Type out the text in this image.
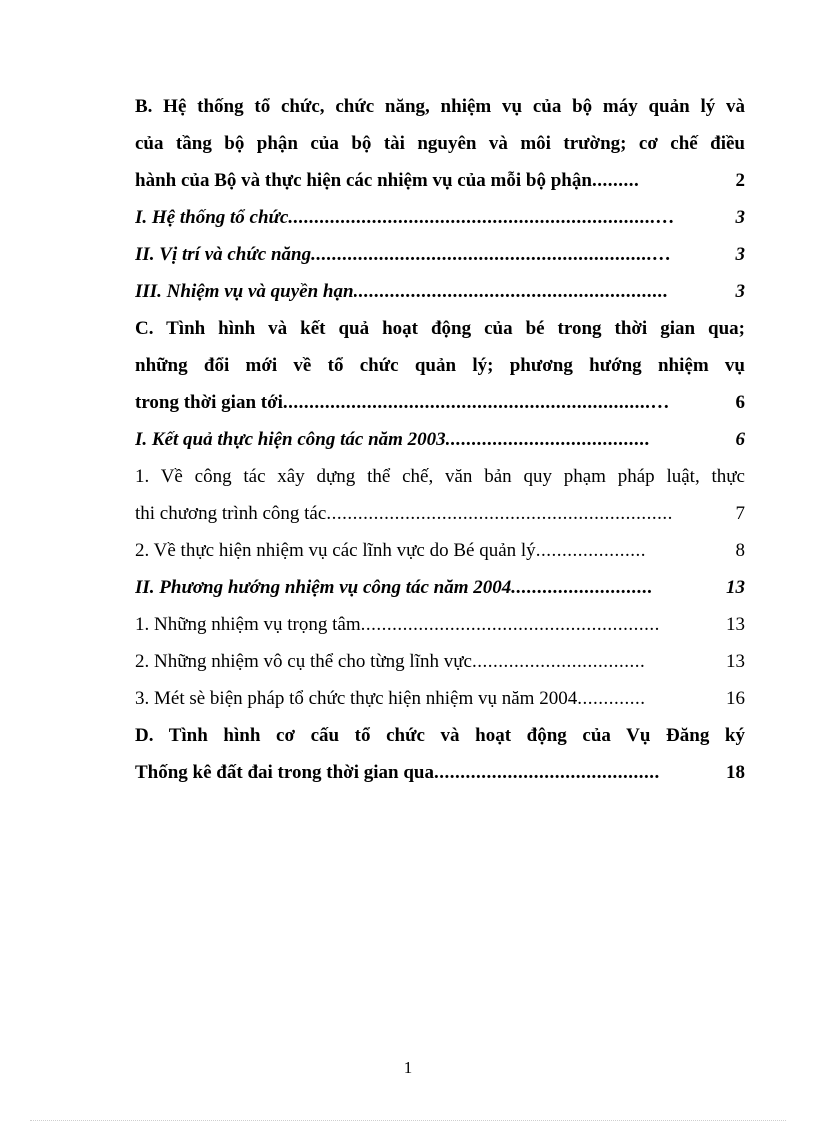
B. Hệ thống tổ chức, chức năng, nhiệm vụ của bộ máy quản lý và
của tầng bộ phận của bộ tài nguyên và môi trường; cơ chế điều
hành của Bộ và thực hiện các nhiệm vụ của mỗi bộ phận .........	2
I. Hệ thống tổ chức ......................................................................…	3
II. Vị trí và chức năng .................................................................…	3
III. Nhiệm vụ và quyền hạn ............................................................	3
C. Tình hình và kết quả hoạt động của bé trong thời gian qua;
những đổi mới về tổ chức quản lý; phương hướng nhiệm vụ
trong thời gian tới ......................................................................…	6
I. Kết quả thực hiện công tác năm 2003 .......................................	6
1. Về công tác xây dựng thể chế, văn bản quy phạm pháp luật, thực
thi chương trình công tác ..................................................................	7
2. Về thực hiện nhiệm vụ các lĩnh vực do Bé quản lý .....................	8
II. Phương hướng nhiệm vụ công tác năm 2004 ...........................	13
1. Những nhiệm vụ trọng tâm .........................................................	13
2. Những nhiệm vô cụ thể cho từng lĩnh vực .................................	13
3. Mét sè biện pháp tổ chức thực hiện nhiệm vụ năm 2004 .............	16
D. Tình hình cơ cấu tổ chức và hoạt động của Vụ Đăng ký
Thống kê đất đai trong thời gian qua ...........................................	18
1
